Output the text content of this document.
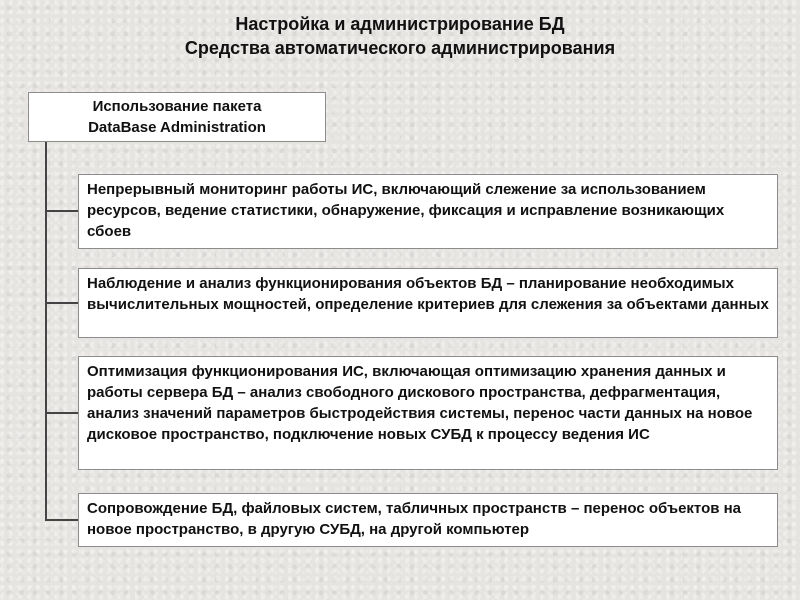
Настройка и администрирование БД
Средства автоматического администрирования
Использование пакета
DataBase Administration
Непрерывный мониторинг работы ИС, включающий слежение за использованием ресурсов, ведение статистики, обнаружение, фиксация и исправление возникающих сбоев
Наблюдение и анализ функционирования объектов БД – планирование необходимых вычислительных мощностей, определение критериев для слежения за объектами данных
Оптимизация функционирования ИС, включающая оптимизацию хранения данных и работы сервера БД – анализ свободного дискового пространства, дефрагментация, анализ значений параметров быстродействия системы, перенос части данных на новое дисковое пространство, подключение новых СУБД к процессу ведения ИС
Сопровождение БД, файловых систем, табличных пространств – перенос объектов на новое пространство, в другую СУБД, на другой компьютер
